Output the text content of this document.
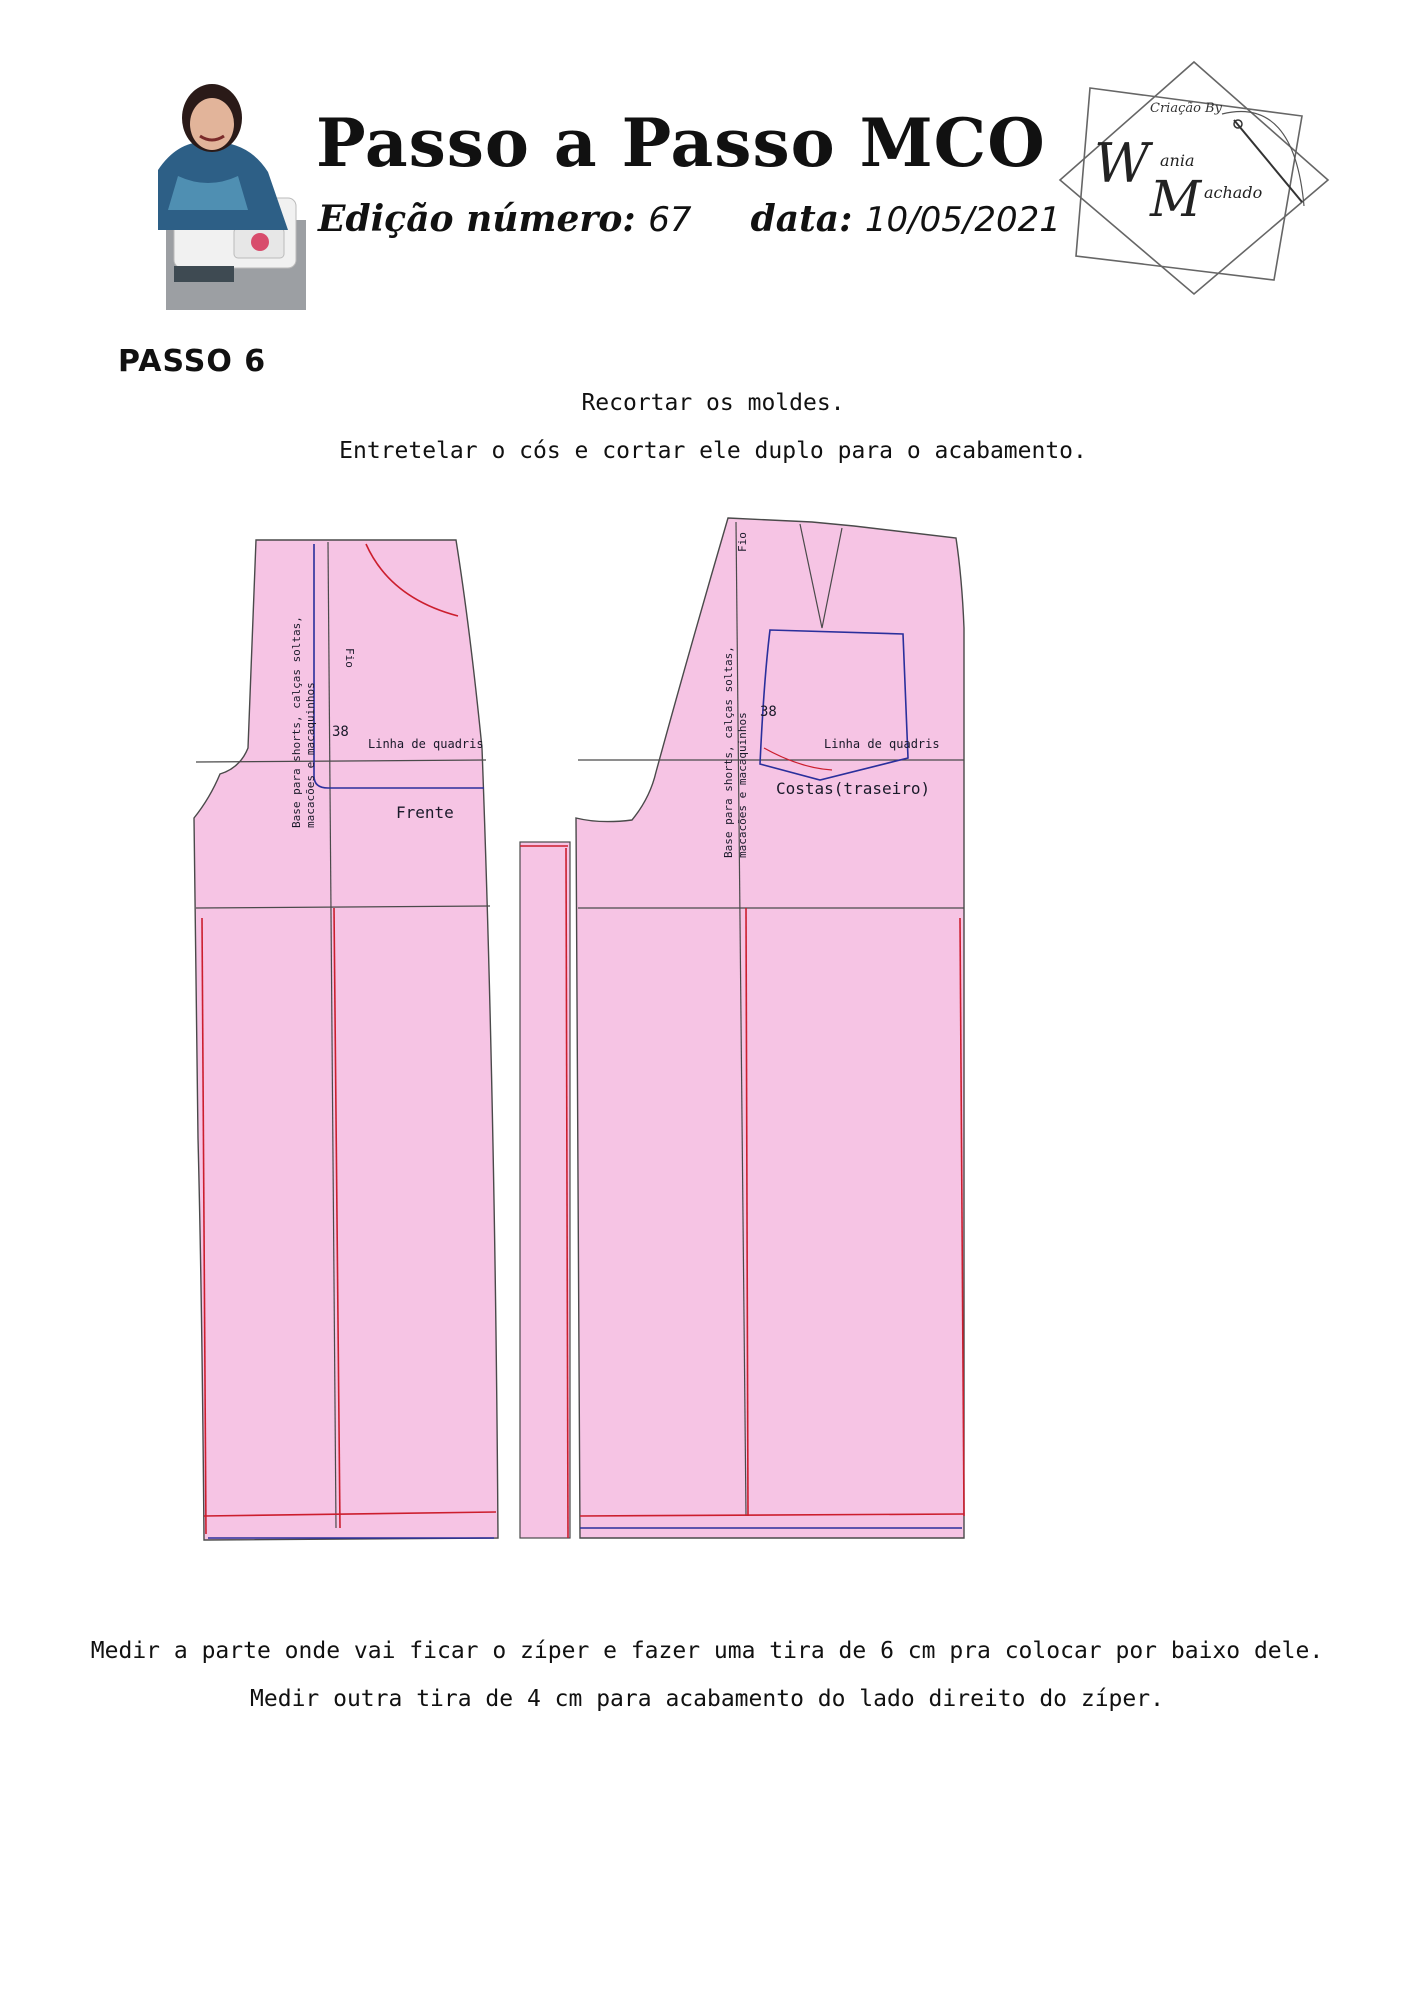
Passo a Passo MCO
Edição número: 67 data: 10/05/2021
Criação By
W ania
M achado
PASSO 6

Recortar os moldes.

Entretelar o cós e cortar ele duplo para o acabamento.

38
Linha de quadris
Frente
Fio
Base para shorts, calças soltas, macacões e macaquinhos	38
Linha de quadris
Costas(traseiro)
Fio
Base para shorts, calças soltas, macacões e macaquinhos

Medir a parte onde vai ficar o zíper e fazer uma tira de 6 cm pra colocar por baixo dele.

Medir outra tira de 4 cm para acabamento do lado direito do zíper.
